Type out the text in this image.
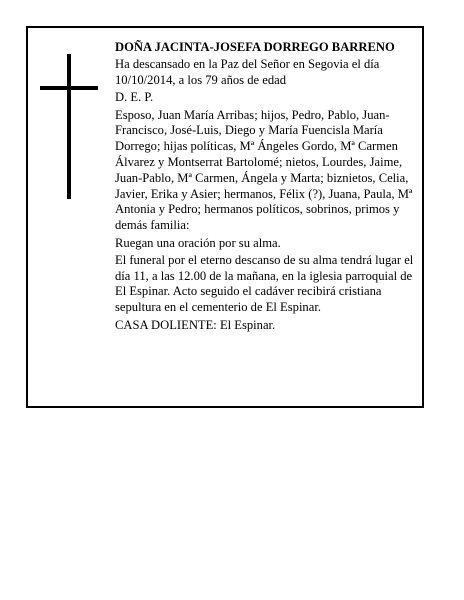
DOÑA JACINTA-JOSEFA DORREGO BARRENO

Ha descansado en la Paz del Señor en Segovia el día 10/10/2014, a los 79 años de edad

D. E. P.

Esposo, Juan María Arribas; hijos, Pedro, Pablo, Juan-Francisco, José-Luis, Diego y María Fuencisla María Dorrego; hijas políticas, Mª Ángeles Gordo, Mª Carmen Álvarez y Montserrat Bartolomé; nietos, Lourdes, Jaime, Juan-Pablo, Mª Carmen, Ángela y Marta; biznietos, Celia, Javier, Erika y Asier; hermanos, Félix (?), Juana, Paula, Mª Antonia y Pedro; hermanos políticos, sobrinos, primos y demás familia:

Ruegan una oración por su alma.

El funeral por el eterno descanso de su alma tendrá lugar el día 11, a las 12.00 de la mañana, en la iglesia parroquial de El Espinar. Acto seguido el cadáver recibirá cristiana sepultura en el cementerio de El Espinar.

CASA DOLIENTE: El Espinar.
